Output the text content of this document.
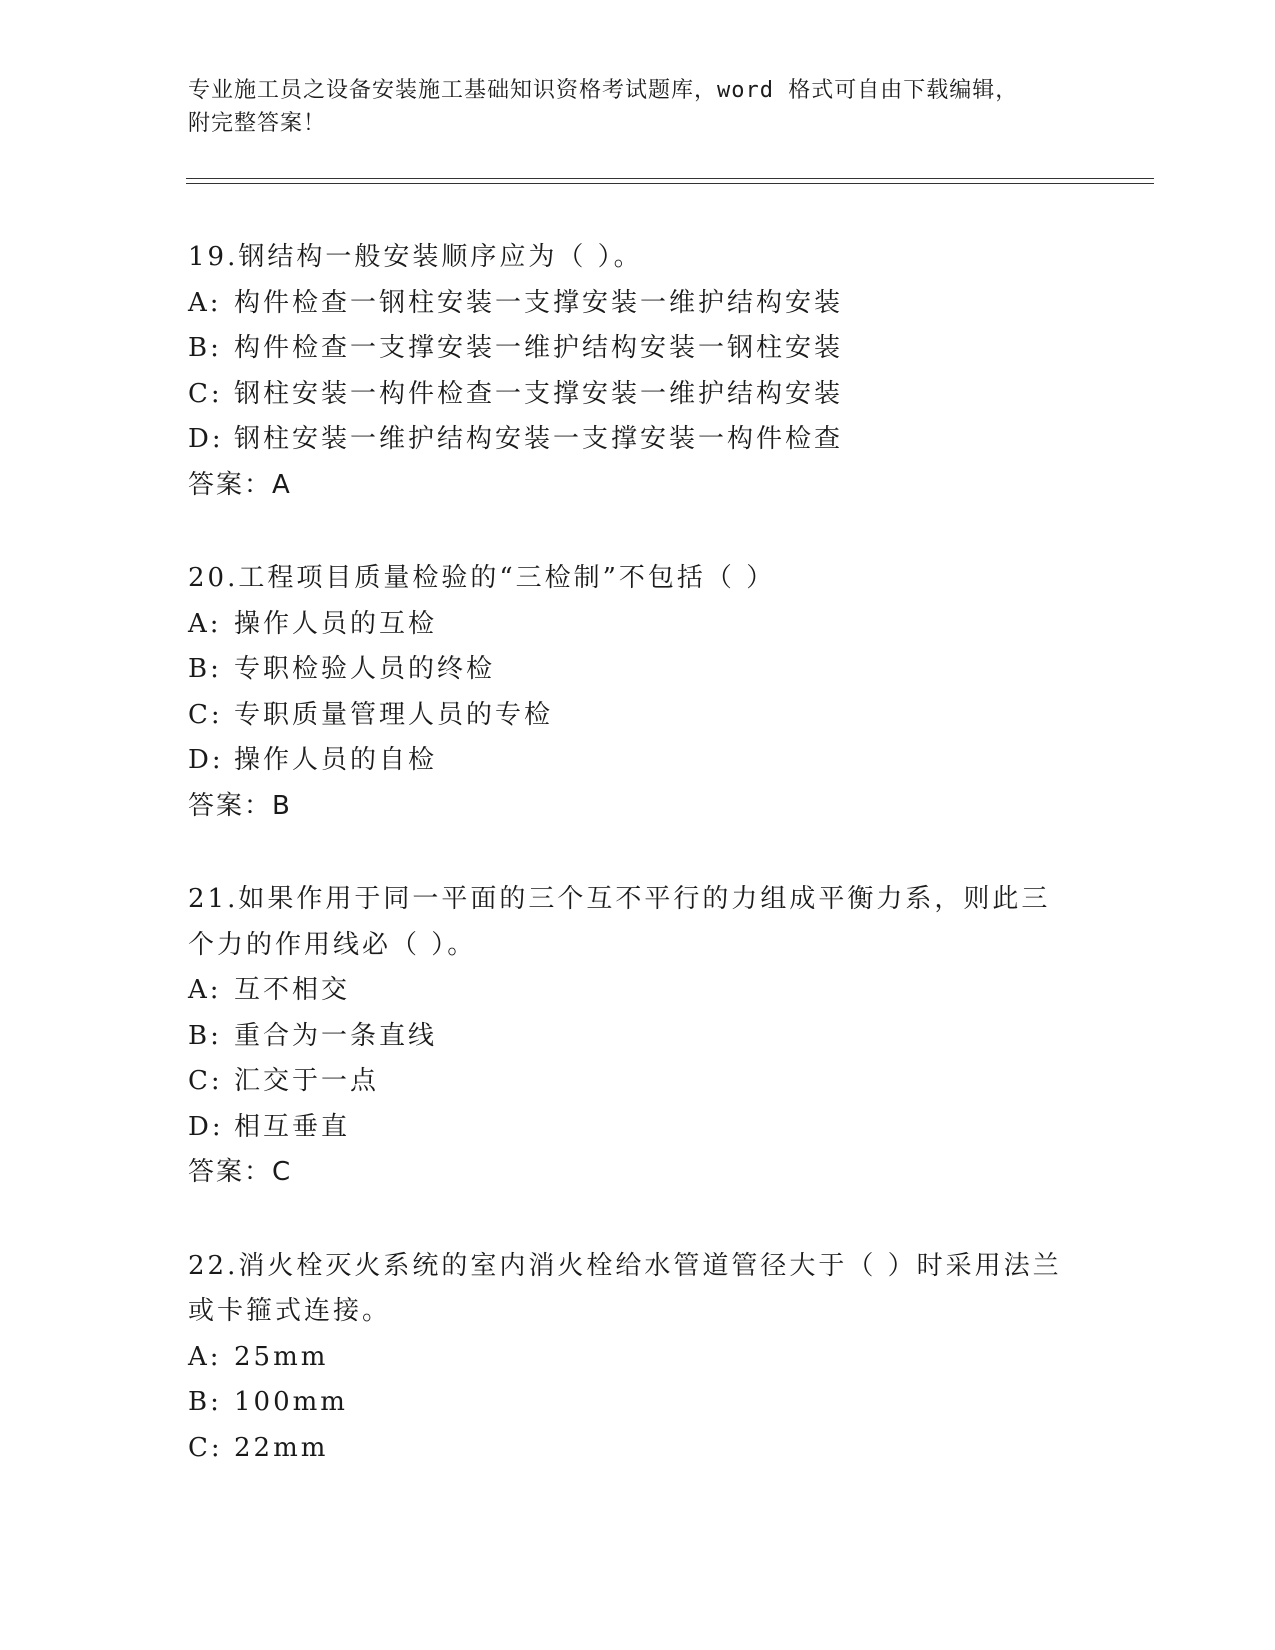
专业施工员之设备安装施工基础知识资格考试题库，word 格式可自由下载编辑，
附完整答案！

19.钢结构一般安装顺序应为（ ）。

A: 构件检查一钢柱安装一支撑安装一维护结构安装

B: 构件检查一支撑安装一维护结构安装一钢柱安装

C: 钢柱安装一构件检查一支撑安装一维护结构安装

D: 钢柱安装一维护结构安装一支撑安装一构件检查

答案：A

20.工程项目质量检验的“三检制”不包括（ ）

A: 操作人员的互检

B: 专职检验人员的终检

C: 专职质量管理人员的专检

D: 操作人员的自检

答案：B

21.如果作用于同一平面的三个互不平行的力组成平衡力系，则此三个力的作用线必（ ）。

A: 互不相交

B: 重合为一条直线

C: 汇交于一点

D: 相互垂直

答案：C

22.消火栓灭火系统的室内消火栓给水管道管径大于（ ）时采用法兰或卡箍式连接。

A: 25mm

B: 100mm

C: 22mm
